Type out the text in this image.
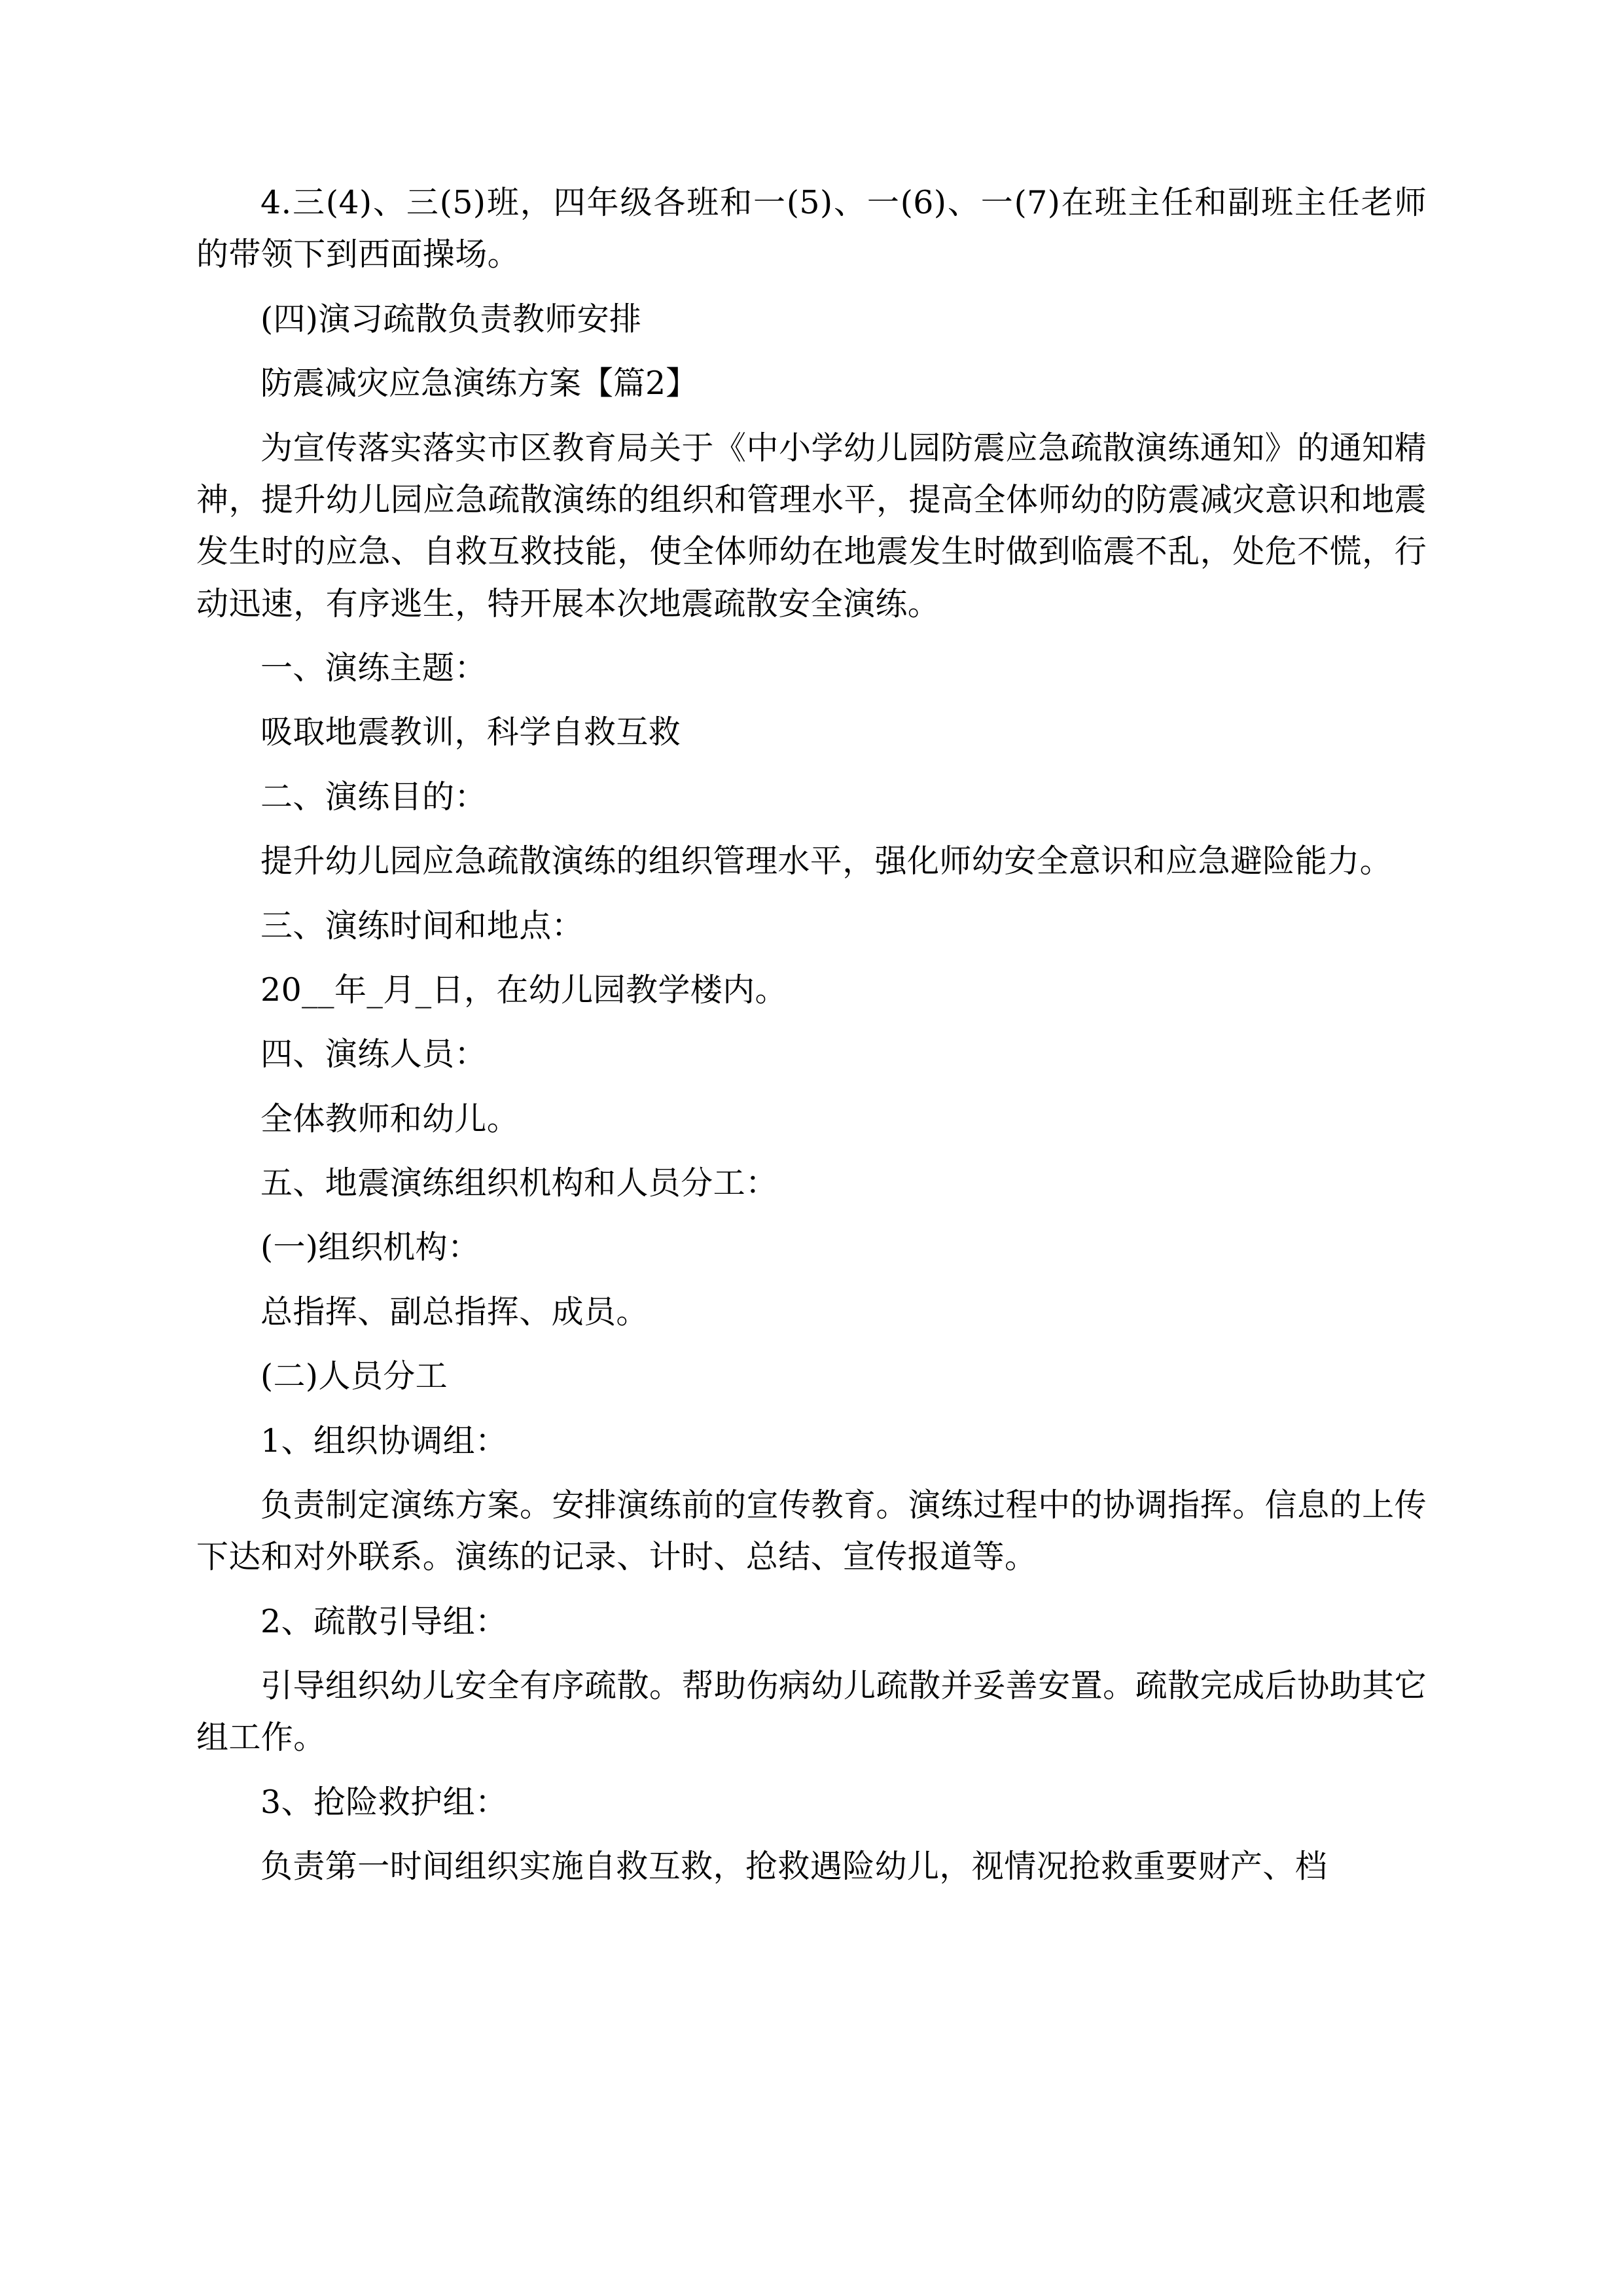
4.三(4)、三(5)班，四年级各班和一(5)、一(6)、一(7)在班主任和副班主任老师的带领下到西面操场。

(四)演习疏散负责教师安排

防震减灾应急演练方案【篇2】

为宣传落实落实市区教育局关于《中小学幼儿园防震应急疏散演练通知》的通知精神，提升幼儿园应急疏散演练的组织和管理水平，提高全体师幼的防震减灾意识和地震发生时的应急、自救互救技能，使全体师幼在地震发生时做到临震不乱，处危不慌，行动迅速，有序逃生，特开展本次地震疏散安全演练。

一、演练主题：

吸取地震教训，科学自救互救

二、演练目的：

提升幼儿园应急疏散演练的组织管理水平，强化师幼安全意识和应急避险能力。

三、演练时间和地点：

20__年_月_日，在幼儿园教学楼内。

四、演练人员：

全体教师和幼儿。

五、地震演练组织机构和人员分工：

(一)组织机构：

总指挥、副总指挥、成员。

(二)人员分工

1、组织协调组：

负责制定演练方案。安排演练前的宣传教育。演练过程中的协调指挥。信息的上传下达和对外联系。演练的记录、计时、总结、宣传报道等。

2、疏散引导组：

引导组织幼儿安全有序疏散。帮助伤病幼儿疏散并妥善安置。疏散完成后协助其它组工作。

3、抢险救护组：

负责第一时间组织实施自救互救，抢救遇险幼儿，视情况抢救重要财产、档
